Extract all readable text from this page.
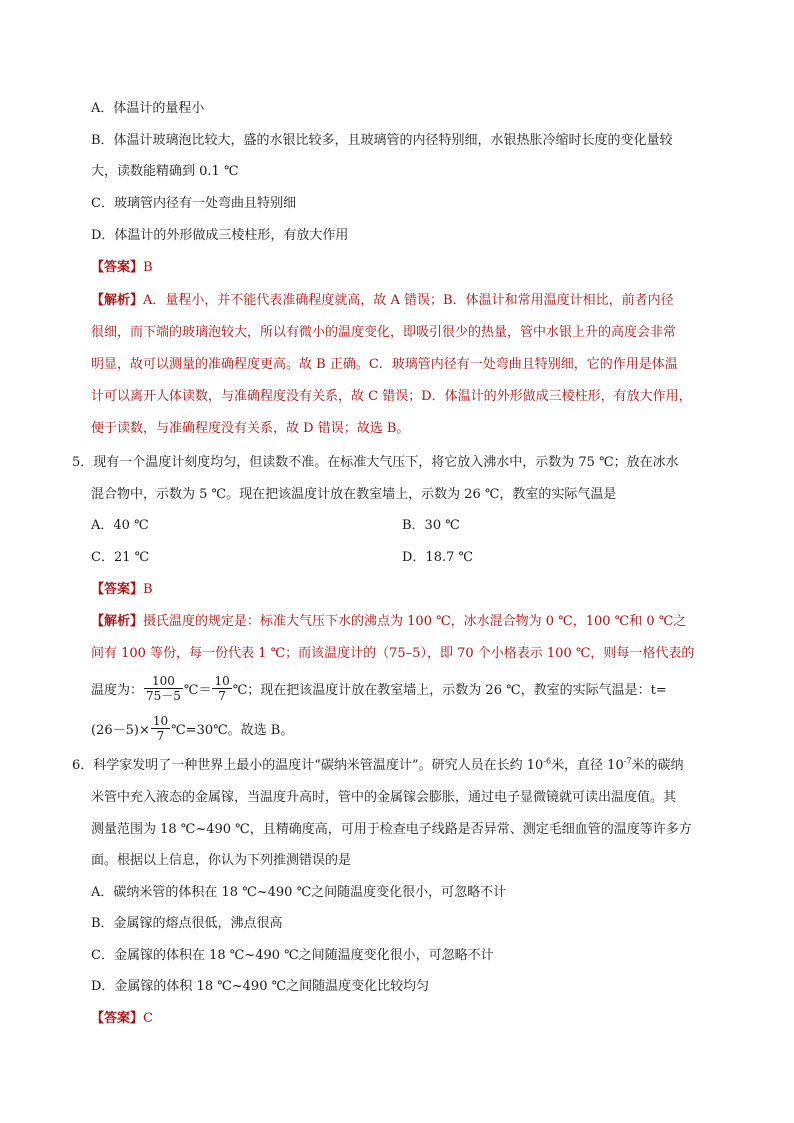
A．体温计的量程小
B．体温计玻璃泡比较大，盛的水银比较多，且玻璃管的内径特别细，水银热胀冷缩时长度的变化量较
大，读数能精确到 0.1 ℃
C．玻璃管内径有一处弯曲且特别细
D．体温计的外形做成三棱柱形，有放大作用
【答案】B
【解析】A．量程小，并不能代表准确程度就高，故 A 错误；B．体温计和常用温度计相比，前者内径
很细，而下端的玻璃泡较大，所以有微小的温度变化，即吸引很少的热量，管中水银上升的高度会非常
明显，故可以测量的准确程度更高。故 B 正确。C．玻璃管内径有一处弯曲且特别细，它的作用是体温
计可以离开人体读数，与准确程度没有关系，故 C 错误；D．体温计的外形做成三棱柱形，有放大作用，
便于读数，与准确程度没有关系，故 D 错误；故选 B。
5．现有一个温度计刻度均匀，但读数不准。在标准大气压下，将它放入沸水中，示数为 75 ℃；放在冰水
混合物中，示数为 5 ℃。现在把该温度计放在教室墙上，示数为 26 ℃，教室的实际气温是
A．40 ℃	B．30 ℃
C．21 ℃	D．18.7 ℃
【答案】B
【解析】摄氏温度的规定是：标准大气压下水的沸点为 100 ℃，冰水混合物为 0 ℃，100 ℃和 0 ℃之
间有 100 等份，每一份代表 1 ℃；而该温度计的（75–5），即 70 个小格表示 100 ℃，则每一格代表的
温度为： $\frac{100}{75-5}$ ℃＝ $\frac{10}{7}$ ℃；现在把该温度计放在教室墙上，示数为 26 ℃，教室的实际气温是：t=
$(26-5)\times \frac{10}{7}$ ℃=30℃。故选 B。
6．科学家发明了一种世界上最小的温度计“碳纳米管温度计”。研究人员在长约 $10^{-6}$米，直径 $10^{-7}$米的碳纳
米管中充入液态的金属镓，当温度升高时，管中的金属镓会膨胀，通过电子显微镜就可读出温度值。其
测量范围为 18 ℃~490 ℃，且精确度高，可用于检查电子线路是否异常、测定毛细血管的温度等许多方
面。根据以上信息，你认为下列推测错误的是
A．碳纳米管的体积在 18 ℃~490 ℃之间随温度变化很小，可忽略不计
B．金属镓的熔点很低，沸点很高
C．金属镓的体积在 18 ℃~490 ℃之间随温度变化很小，可忽略不计
D．金属镓的体积 18 ℃~490 ℃之间随温度变化比较均匀
【答案】C
